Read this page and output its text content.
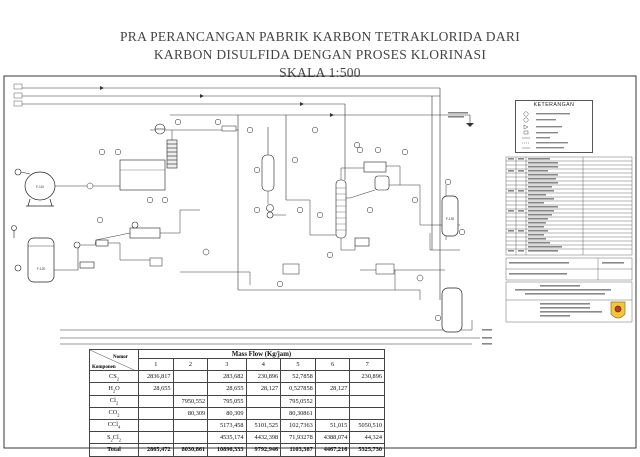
PRA PERANCANGAN PABRIK KARBON TETRAKLORIDA DARI
KARBON DISULFIDA DENGAN PROSES KLORINASI
SKALA 1:500
F-110
F-120
F-130
KETERANGAN
Nomor
Komponen	Mass Flow (Kg/jam)						
	1	2	3	4	5	6	7
$CS_2$	2836,817		283,682	230,896	52,7858		230,896
$H_2O$	28,655		28,655	28,127	0,527858	28,127	
$Cl_2$		7950,552	795,055		795,0552		
$CO_2$		80,309	80,309		80,30861		
CCl$_4$			5173,458	5101,525	102,7363	51,015	5050,510
$S_2Cl_2$			4535,174	4432,398	71,93278	4388,074	44,324
Total	2865,472	8030,861	10896,333	9792,946	1103,387	4467,216	5325,730
